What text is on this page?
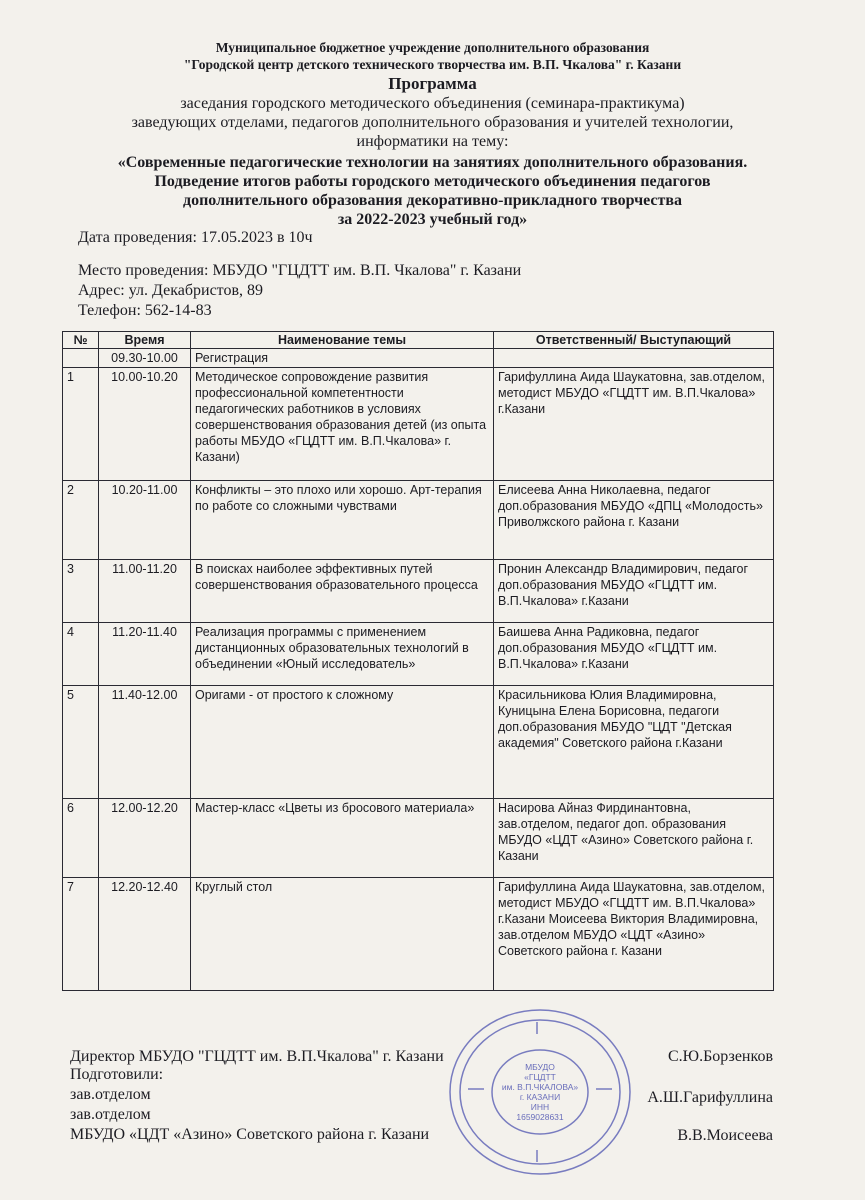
Муниципальное бюджетное учреждение дополнительного образования
"Городской центр детского технического творчества им. В.П. Чкалова" г. Казани
Программа
заседания городского методического объединения (семинара-практикума)
заведующих отделами, педагогов дополнительного образования и учителей технологии,
информатики на тему:
«Современные педагогические технологии на занятиях дополнительного образования.
Подведение итогов работы городского методического объединения педагогов
дополнительного образования декоративно-прикладного творчества
за 2022-2023 учебный год»
Дата проведения: 17.05.2023 в 10ч
Место проведения: МБУДО "ГЦДТТ им. В.П. Чкалова" г. Казани
Адрес: ул. Декабристов, 89
Телефон: 562-14-83
№	Время	Наименование темы	Ответственный/ Выступающий
	09.30-10.00	Регистрация	
1	10.00-10.20	Методическое сопровождение развития профессиональной компетентности педагогических работников в условиях совершенствования образования детей (из опыта работы МБУДО «ГЦДТТ им. В.П.Чкалова» г. Казани)	Гарифуллина Аида Шаукатовна, зав.отделом, методист МБУДО «ГЦДТТ им. В.П.Чкалова» г.Казани
2	10.20-11.00	Конфликты – это плохо или хорошо. Арт-терапия по работе со сложными чувствами	Елисеева Анна Николаевна, педагог доп.образования МБУДО «ДПЦ «Молодость» Приволжского района г. Казани
3	11.00-11.20	В поисках наиболее эффективных путей совершенствования образовательного процесса	Пронин Александр Владимирович, педагог доп.образования МБУДО «ГЦДТТ им. В.П.Чкалова» г.Казани
4	11.20-11.40	Реализация программы с применением дистанционных образовательных технологий в объединении «Юный исследователь»	Баишева Анна Радиковна, педагог доп.образования МБУДО «ГЦДТТ им. В.П.Чкалова» г.Казани
5	11.40-12.00	Оригами - от простого к сложному	Красильникова Юлия Владимировна, Куницына Елена Борисовна, педагоги доп.образования МБУДО "ЦДТ "Детская академия" Советского района г.Казани
6	12.00-12.20	Мастер-класс «Цветы из бросового материала»	Насирова Айназ Фирдинантовна, зав.отделом, педагог доп. образования МБУДО «ЦДТ «Азино» Советского района г. Казани
7	12.20-12.40	Круглый стол	Гарифуллина Аида Шаукатовна, зав.отделом, методист МБУДО «ГЦДТТ им. В.П.Чкалова» г.Казани Моисеева Виктория Владимировна, зав.отделом МБУДО «ЦДТ «Азино» Советского района г. Казани
МБУДО
«ГЦДТТ
им. В.П.ЧКАЛОВА»
г. КАЗАНИ
ИНН
1659028631
Директор МБУДО "ГЦДТТ им. В.П.Чкалова" г. Казани
Подготовили:
зав.отделом
зав.отделом
МБУДО «ЦДТ «Азино» Советского района г. Казани
С.Ю.Борзенков
А.Ш.Гарифуллина
В.В.Моисеева
